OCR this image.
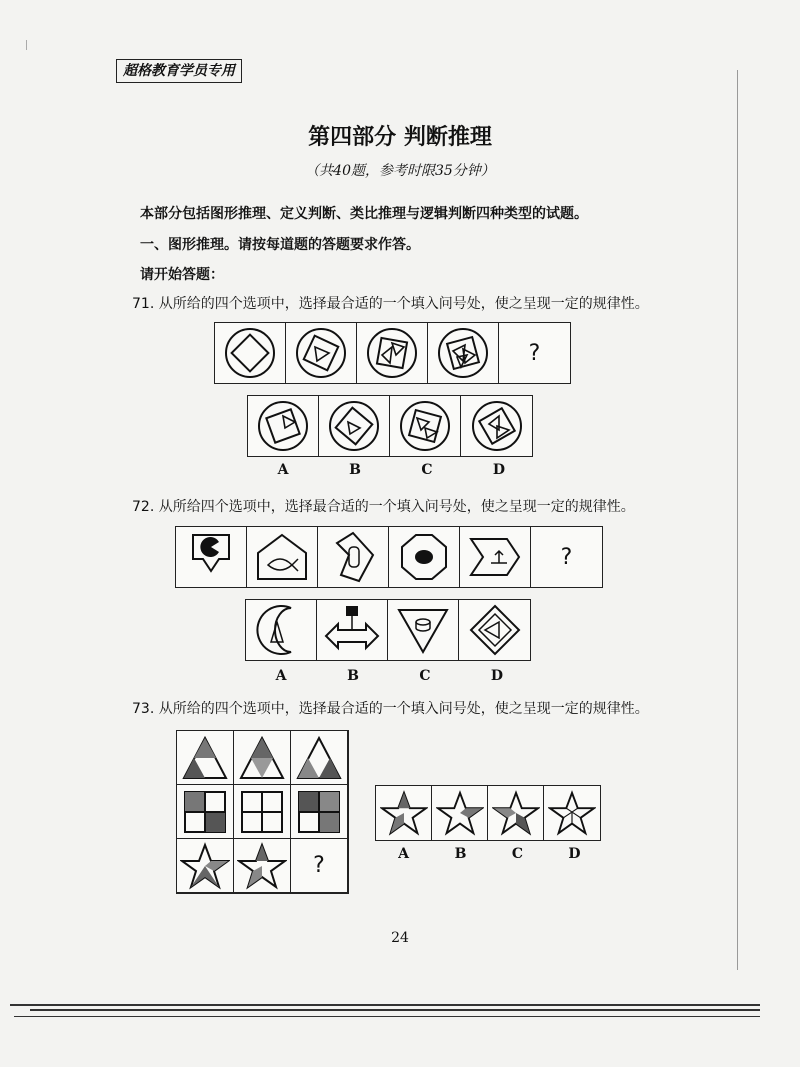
超格教育学员专用
第四部分 判断推理
（共40题，参考时限35分钟）
本部分包括图形推理、定义判断、类比推理与逻辑判断四种类型的试题。
一、图形推理。请按每道题的答题要求作答。
请开始答题：
71. 从所给的四个选项中，选择最合适的一个填入问号处，使之呈现一定的规律性。
?
A	B	C	D
72. 从所给四个选项中，选择最合适的一个填入问号处，使之呈现一定的规律性。
?
A	B	C	D
73. 从所给的四个选项中，选择最合适的一个填入问号处，使之呈现一定的规律性。
?	A	B	C	D
24
